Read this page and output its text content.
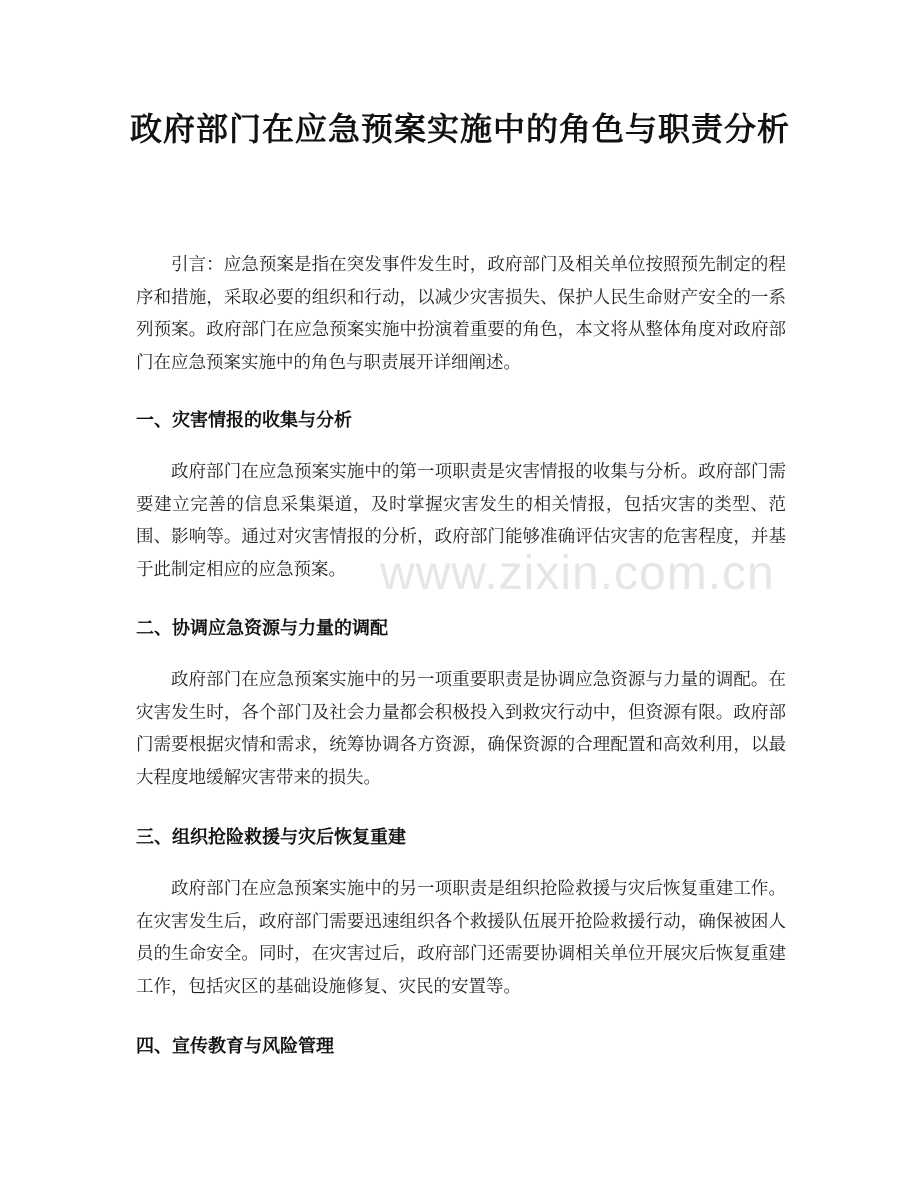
政府部门在应急预案实施中的角色与职责分析
引言：应急预案是指在突发事件发生时，政府部门及相关单位按照预先制定的程序和措施，采取必要的组织和行动，以减少灾害损失、保护人民生命财产安全的一系列预案。政府部门在应急预案实施中扮演着重要的角色，本文将从整体角度对政府部门在应急预案实施中的角色与职责展开详细阐述。
一、灾害情报的收集与分析
政府部门在应急预案实施中的第一项职责是灾害情报的收集与分析。政府部门需要建立完善的信息采集渠道，及时掌握灾害发生的相关情报，包括灾害的类型、范围、影响等。通过对灾害情报的分析，政府部门能够准确评估灾害的危害程度，并基于此制定相应的应急预案。
二、协调应急资源与力量的调配
政府部门在应急预案实施中的另一项重要职责是协调应急资源与力量的调配。在灾害发生时，各个部门及社会力量都会积极投入到救灾行动中，但资源有限。政府部门需要根据灾情和需求，统筹协调各方资源，确保资源的合理配置和高效利用，以最大程度地缓解灾害带来的损失。
三、组织抢险救援与灾后恢复重建
政府部门在应急预案实施中的另一项职责是组织抢险救援与灾后恢复重建工作。在灾害发生后，政府部门需要迅速组织各个救援队伍展开抢险救援行动，确保被困人员的生命安全。同时，在灾害过后，政府部门还需要协调相关单位开展灾后恢复重建工作，包括灾区的基础设施修复、灾民的安置等。
四、宣传教育与风险管理
www.zixin.com.cn
